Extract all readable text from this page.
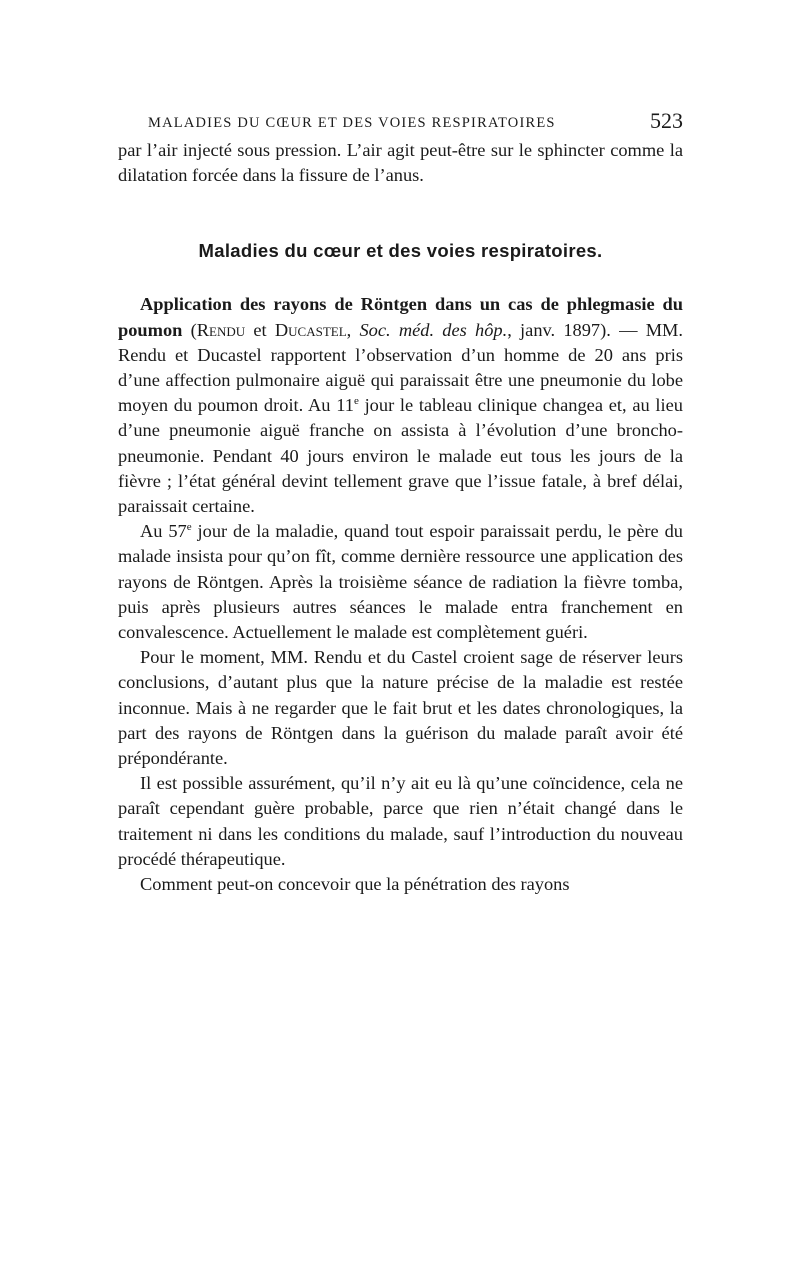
MALADIES DU CŒUR ET DES VOIES RESPIRATOIRES	523

par l’air injecté sous pression. L’air agit peut-être sur le sphincter comme la dilatation forcée dans la fissure de l’anus.

Maladies du cœur et des voies respiratoires.

Application des rayons de Röntgen dans un cas de phlegmasie du poumon (Rendu et Ducastel, Soc. méd. des hôp., janv. 1897). — MM. Rendu et Ducastel rapportent l’observation d’un homme de 20 ans pris d’une affection pulmonaire aiguë qui paraissait être une pneumonie du lobe moyen du poumon droit. Au 11e jour le tableau clinique changea et, au lieu d’une pneumonie aiguë franche on assista à l’évolution d’une broncho-pneumonie. Pendant 40 jours environ le malade eut tous les jours de la fièvre ; l’état général devint tellement grave que l’issue fatale, à bref délai, paraissait certaine.

Au 57e jour de la maladie, quand tout espoir paraissait perdu, le père du malade insista pour qu’on fît, comme dernière ressource une application des rayons de Röntgen. Après la troisième séance de radiation la fièvre tomba, puis après plusieurs autres séances le malade entra franchement en convalescence. Actuellement le malade est complètement guéri.

Pour le moment, MM. Rendu et du Castel croient sage de réserver leurs conclusions, d’autant plus que la nature précise de la maladie est restée inconnue. Mais à ne regarder que le fait brut et les dates chronologiques, la part des rayons de Röntgen dans la guérison du malade paraît avoir été prépondérante.

Il est possible assurément, qu’il n’y ait eu là qu’une coïncidence, cela ne paraît cependant guère probable, parce que rien n’était changé dans le traitement ni dans les conditions du malade, sauf l’introduction du nouveau procédé thérapeutique.

Comment peut-on concevoir que la pénétration des rayons
